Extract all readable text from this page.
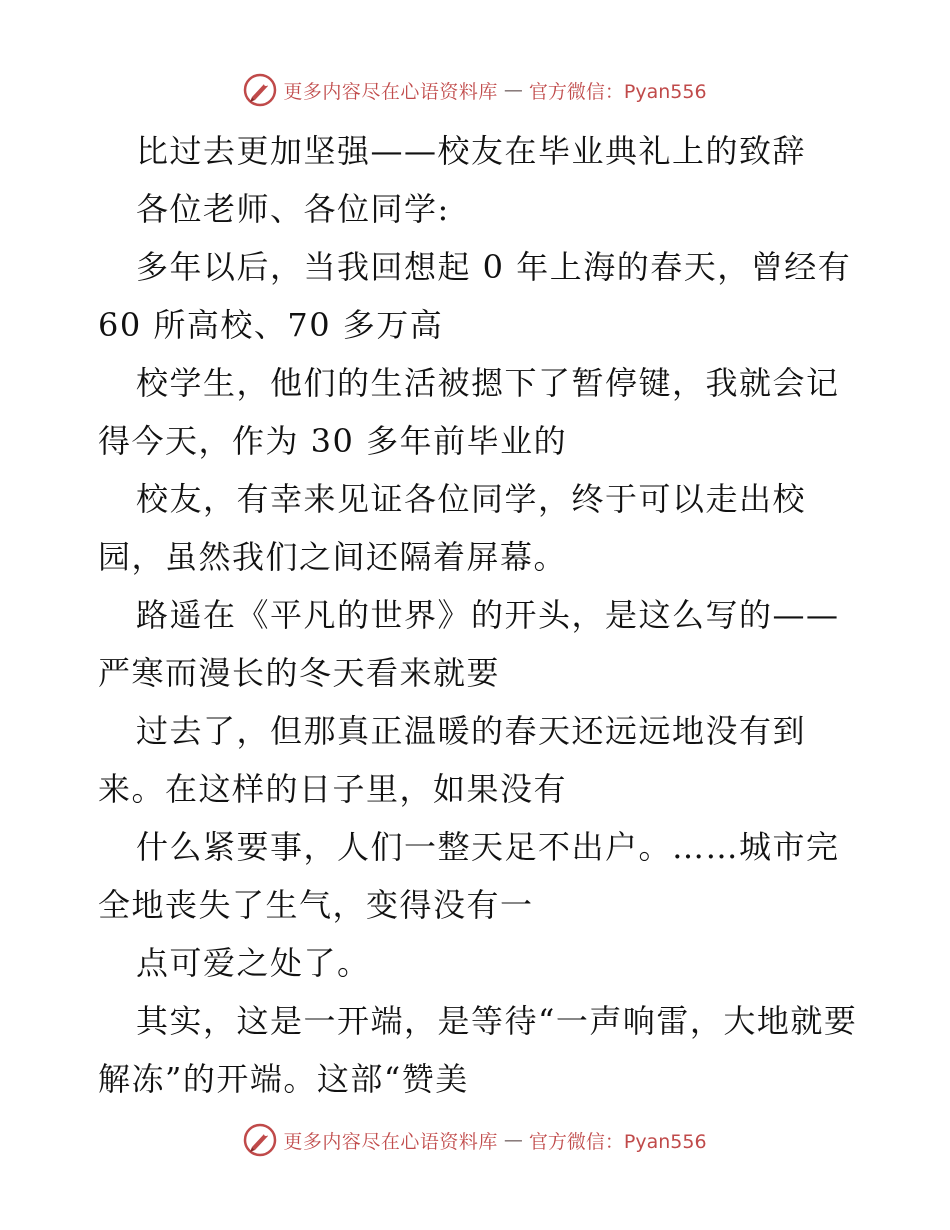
更多内容尽在心语资料库 — 官方微信：Pyan556

比过去更加坚强——校友在毕业典礼上的致辞

各位老师、各位同学:

多年以后，当我回想起 0 年上海的春天，曾经有 60 所高校、70 多万高

校学生，他们的生活被摁下了暂停键，我就会记得今天，作为 30 多年前毕业的

校友，有幸来见证各位同学，终于可以走出校园，虽然我们之间还隔着屏幕。

路遥在《平凡的世界》的开头，是这么写的——严寒而漫长的冬天看来就要

过去了，但那真正温暖的春天还远远地没有到来。在这样的日子里，如果没有

什么紧要事，人们一整天足不出户。……城市完全地丧失了生气，变得没有一

点可爱之处了。

其实，这是一开端，是等待“一声响雷，大地就要解冻”的开端。这部“赞美

更多内容尽在心语资料库 — 官方微信：Pyan556
